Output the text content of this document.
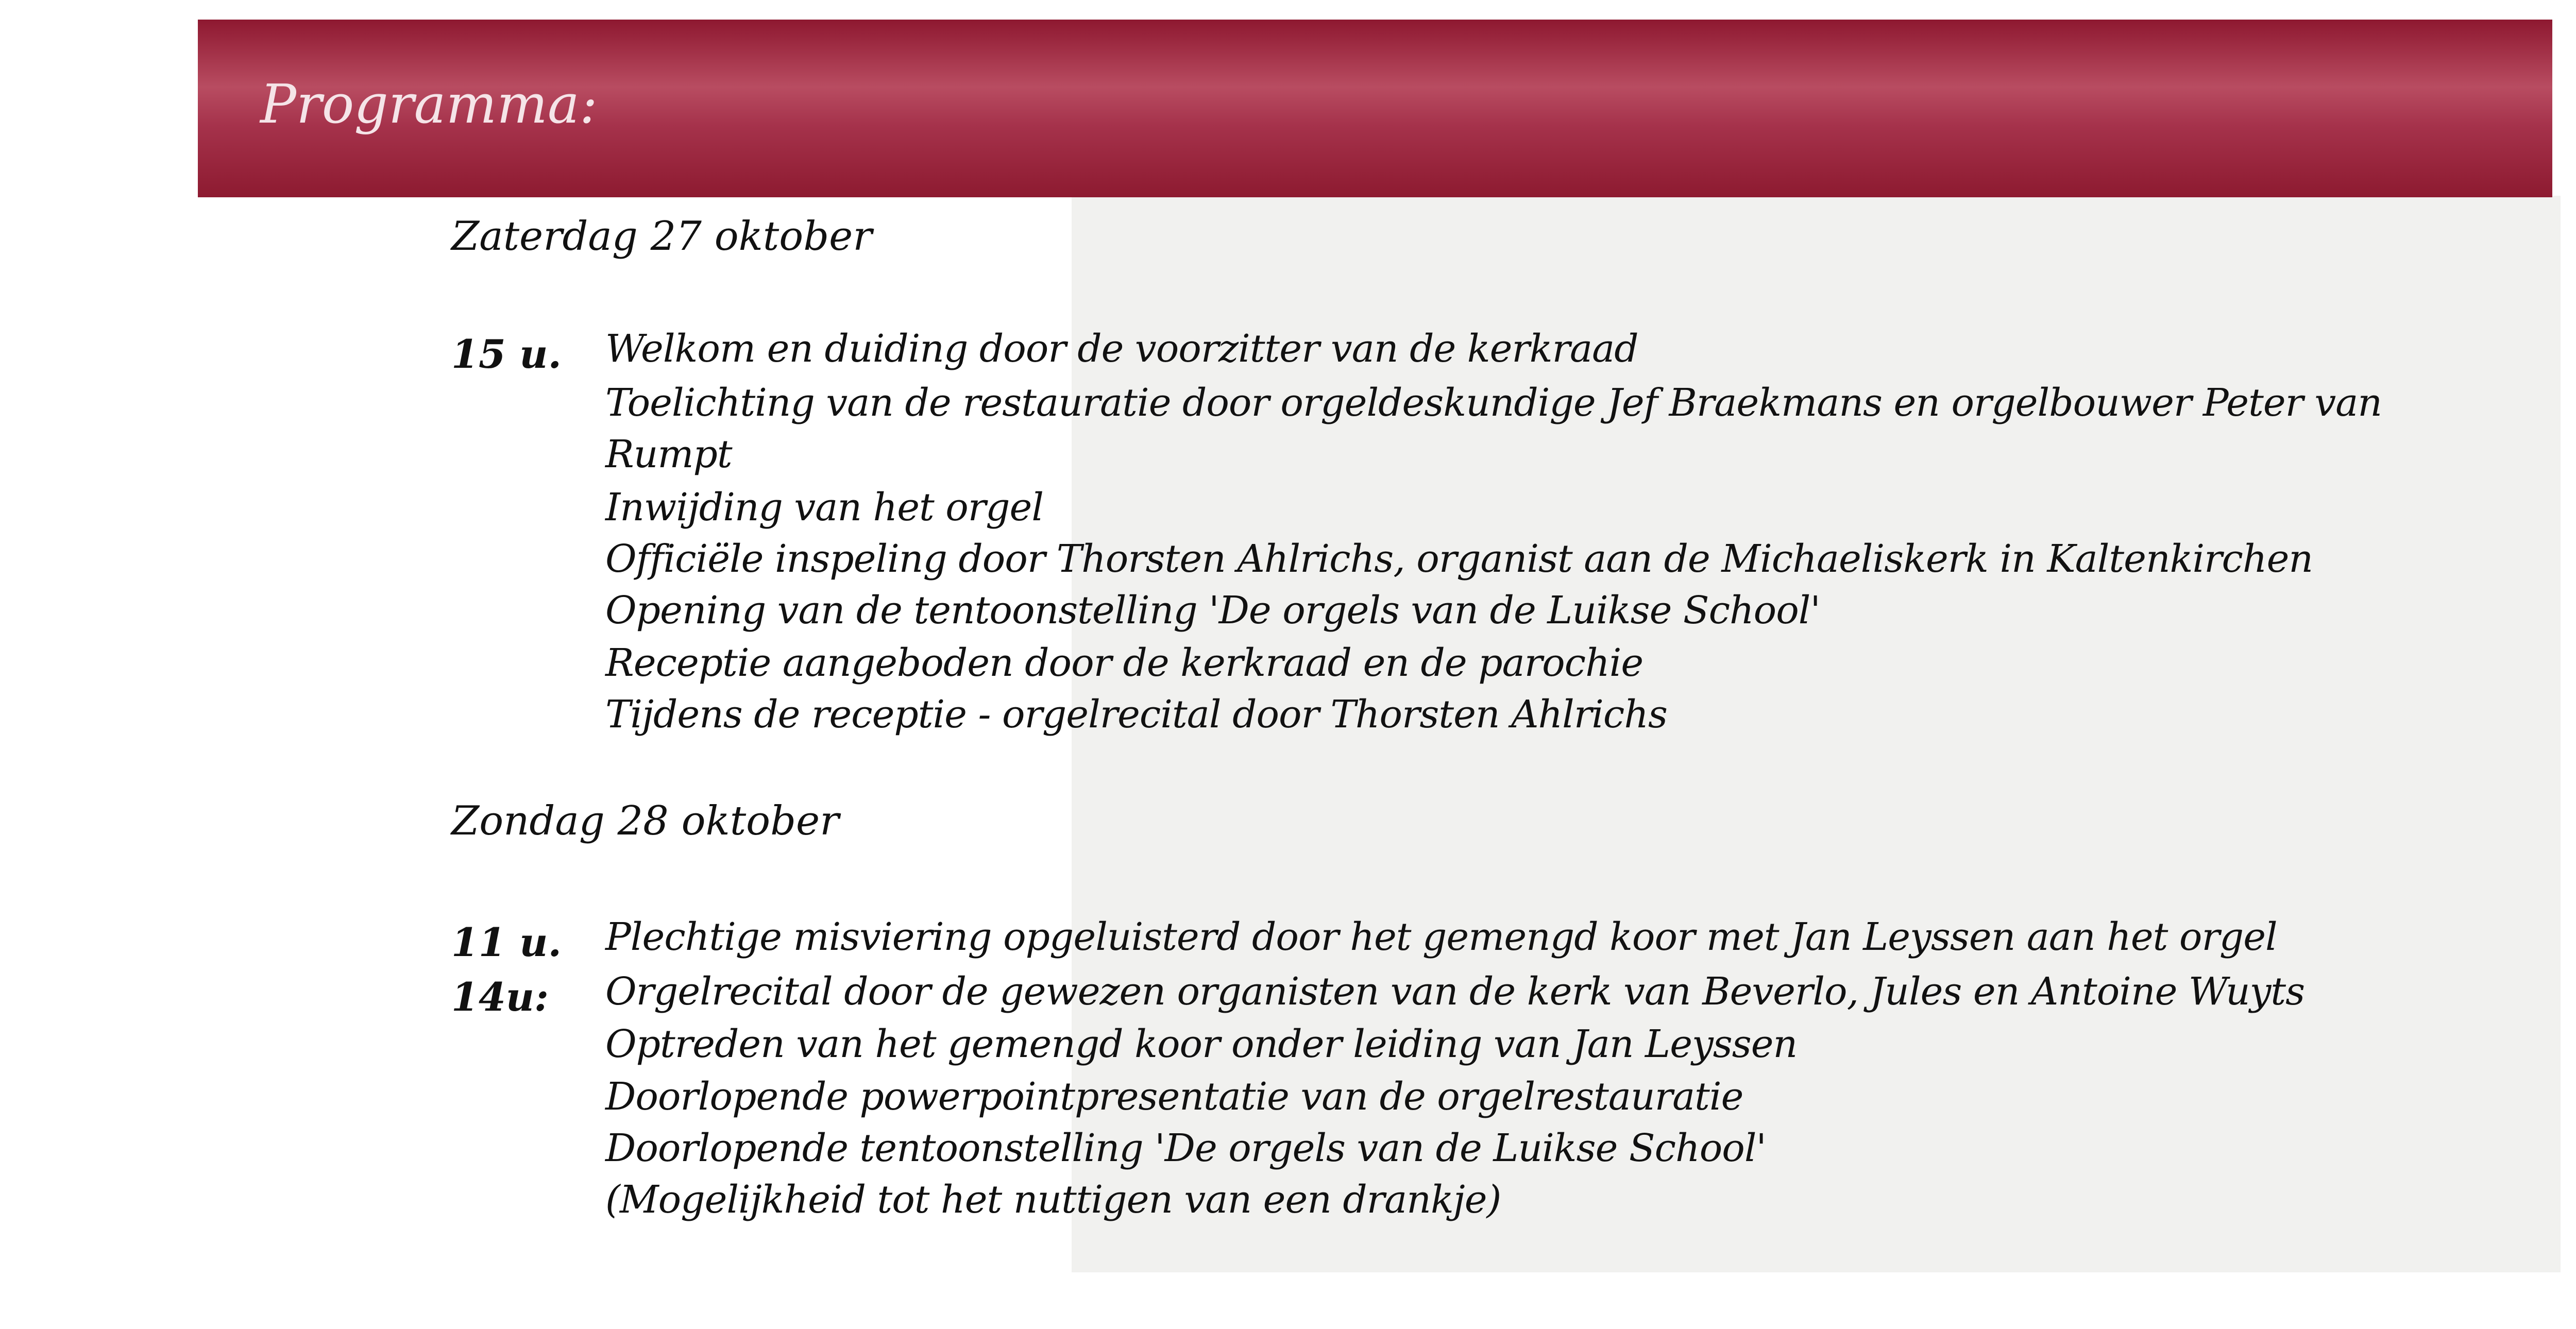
Programma:
Zaterdag 27 oktober
15 u. Welkom en duiding door de voorzitter van de kerkraad
Toelichting van de restauratie door orgeldeskundige Jef Braekmans en orgelbouwer Peter van
Rumpt
Inwijding van het orgel
Officiële inspeling door Thorsten Ahlrichs, organist aan de Michaeliskerk in Kaltenkirchen
Opening van de tentoonstelling 'De orgels van de Luikse School'
Receptie aangeboden door de kerkraad en de parochie
Tijdens de receptie - orgelrecital door Thorsten Ahlrichs
Zondag 28 oktober
11 u. Plechtige misviering opgeluisterd door het gemengd koor met Jan Leyssen aan het orgel
14u: Orgelrecital door de gewezen organisten van de kerk van Beverlo, Jules en Antoine Wuyts
Optreden van het gemengd koor onder leiding van Jan Leyssen
Doorlopende powerpointpresentatie van de orgelrestauratie
Doorlopende tentoonstelling 'De orgels van de Luikse School'
(Mogelijkheid tot het nuttigen van een drankje)
